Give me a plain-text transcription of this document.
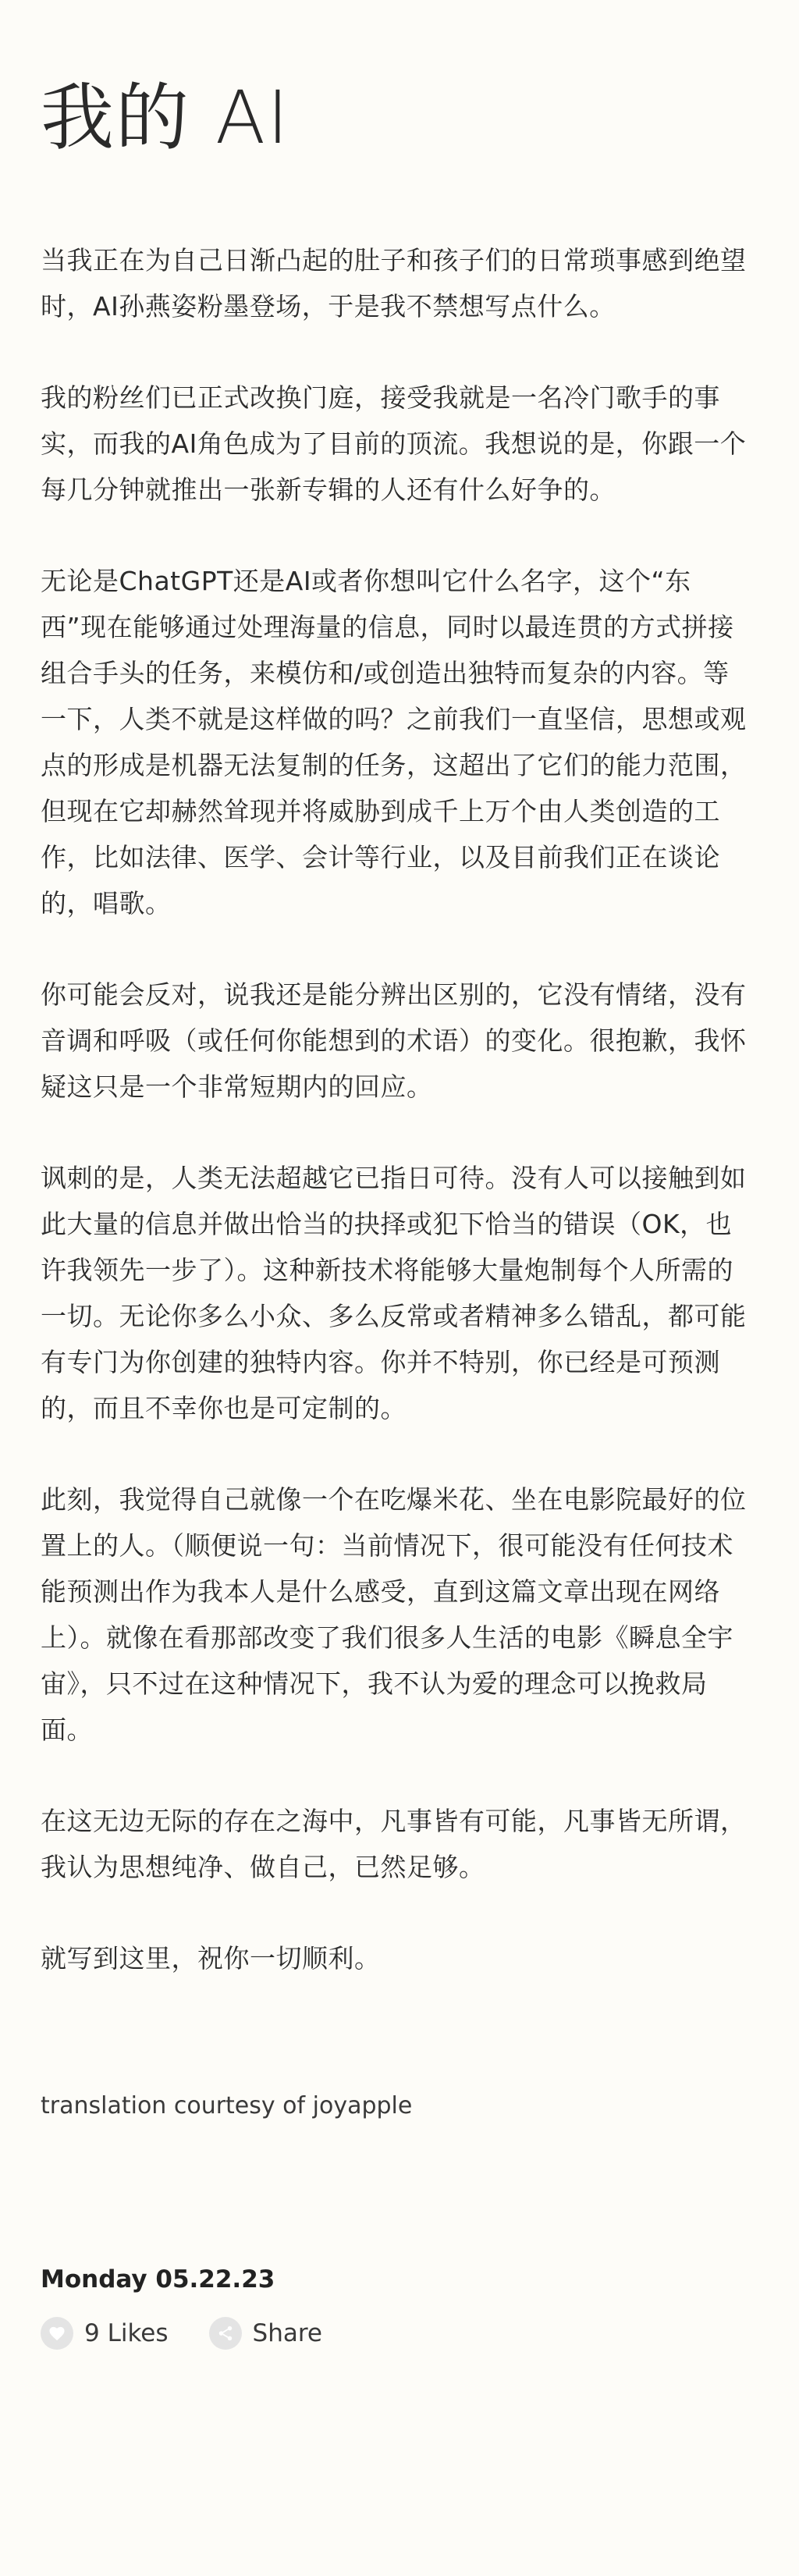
我的 AI

当我正在为自己日渐凸起的肚子和孩子们的日常琐事感到绝望时，AI孙燕姿粉墨登场，于是我不禁想写点什么。

我的粉丝们已正式改换门庭，接受我就是一名冷门歌手的事实，而我的AI角色成为了目前的顶流。我想说的是，你跟一个每几分钟就推出一张新专辑的人还有什么好争的。

无论是ChatGPT还是AI或者你想叫它什么名字，这个“东西”现在能够通过处理海量的信息，同时以最连贯的方式拼接组合手头的任务，来模仿和/或创造出独特而复杂的内容。等一下，人类不就是这样做的吗？之前我们一直坚信，思想或观点的形成是机器无法复制的任务，这超出了它们的能力范围，但现在它却赫然耸现并将威胁到成千上万个由人类创造的工作，比如法律、医学、会计等行业，以及目前我们正在谈论的，唱歌。

你可能会反对，说我还是能分辨出区别的，它没有情绪，没有音调和呼吸（或任何你能想到的术语）的变化。很抱歉，我怀疑这只是一个非常短期内的回应。

讽刺的是，人类无法超越它已指日可待。没有人可以接触到如此大量的信息并做出恰当的抉择或犯下恰当的错误（OK，也许我领先一步了）。这种新技术将能够大量炮制每个人所需的一切。无论你多么小众、多么反常或者精神多么错乱，都可能有专门为你创建的独特内容。你并不特别，你已经是可预测的，而且不幸你也是可定制的。

此刻，我觉得自己就像一个在吃爆米花、坐在电影院最好的位置上的人。（顺便说一句：当前情况下，很可能没有任何技术能预测出作为我本人是什么感受，直到这篇文章出现在网络上）。就像在看那部改变了我们很多人生活的电影《瞬息全宇宙》，只不过在这种情况下，我不认为爱的理念可以挽救局面。

在这无边无际的存在之海中，凡事皆有可能，凡事皆无所谓，我认为思想纯净、做自己，已然足够。

就写到这里，祝你一切顺利。

translation courtesy of joyapple
Monday 05.22.23
9 Likes	Share
